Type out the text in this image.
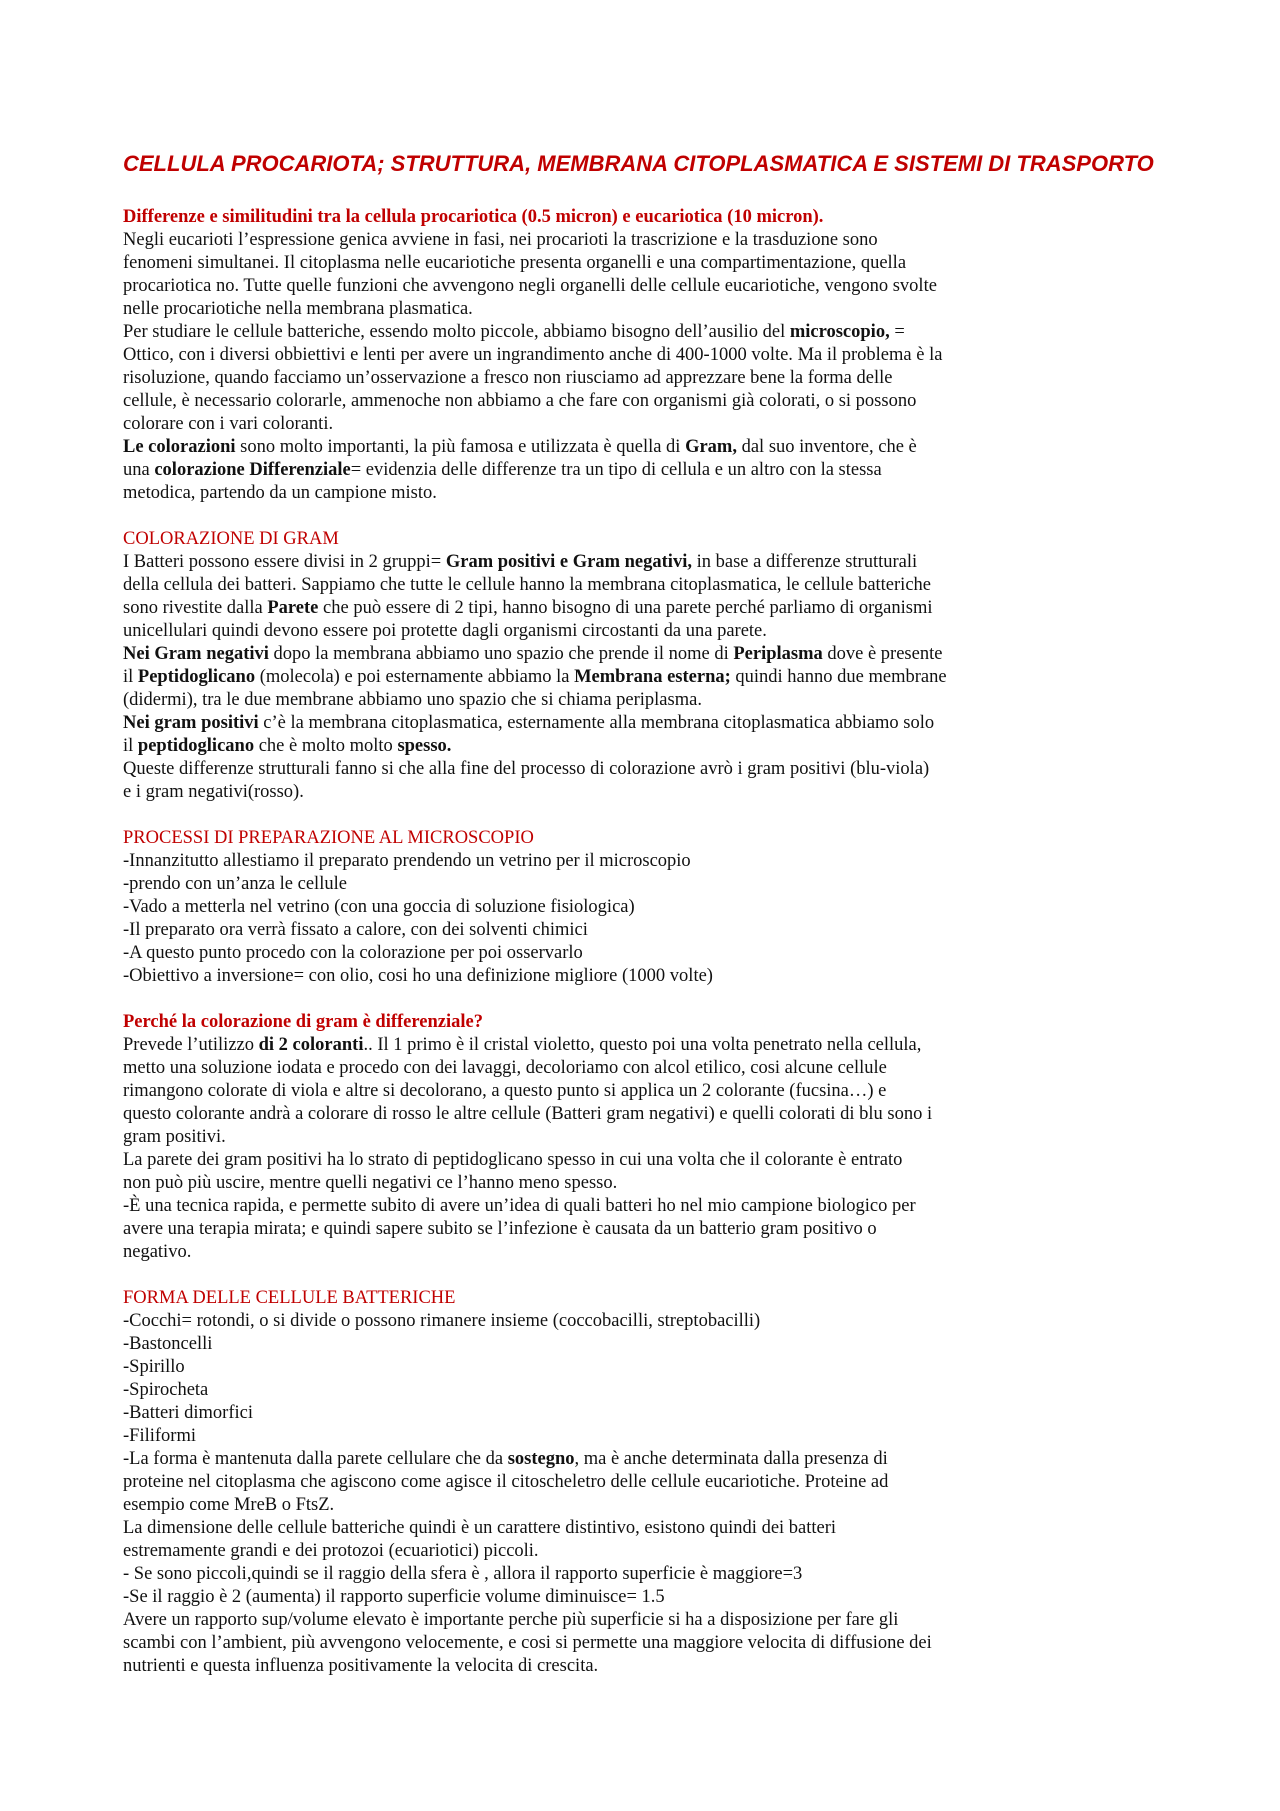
CELLULA PROCARIOTA; STRUTTURA, MEMBRANA CITOPLASMATICA E SISTEMI DI TRASPORTO

Differenze e similitudini tra la cellula procariotica (0.5 micron) e eucariotica (10 micron).

Negli eucarioti l’espressione genica avviene in fasi, nei procarioti la trascrizione e la trasduzione sono

fenomeni simultanei. Il citoplasma nelle eucariotiche presenta organelli e una compartimentazione, quella

procariotica no. Tutte quelle funzioni che avvengono negli organelli delle cellule eucariotiche, vengono svolte

nelle procariotiche nella membrana plasmatica.

Per studiare le cellule batteriche, essendo molto piccole, abbiamo bisogno dell’ausilio del microscopio, =

Ottico, con i diversi obbiettivi e lenti per avere un ingrandimento anche di 400-1000 volte. Ma il problema è la

risoluzione, quando facciamo un’osservazione a fresco non riusciamo ad apprezzare bene la forma delle

cellule, è necessario colorarle, ammenoche non abbiamo a che fare con organismi già colorati, o si possono

colorare con i vari coloranti.

Le colorazioni sono molto importanti, la più famosa e utilizzata è quella di Gram, dal suo inventore, che è

una colorazione Differenziale= evidenzia delle differenze tra un tipo di cellula e un altro con la stessa

metodica, partendo da un campione misto.

COLORAZIONE DI GRAM

I Batteri possono essere divisi in 2 gruppi= Gram positivi e Gram negativi, in base a differenze strutturali

della cellula dei batteri. Sappiamo che tutte le cellule hanno la membrana citoplasmatica, le cellule batteriche

sono rivestite dalla Parete che può essere di 2 tipi, hanno bisogno di una parete perché parliamo di organismi

unicellulari quindi devono essere poi protette dagli organismi circostanti da una parete.

Nei Gram negativi dopo la membrana abbiamo uno spazio che prende il nome di Periplasma dove è presente

il Peptidoglicano (molecola) e poi esternamente abbiamo la Membrana esterna; quindi hanno due membrane

(didermi), tra le due membrane abbiamo uno spazio che si chiama periplasma.

Nei gram positivi c’è la membrana citoplasmatica, esternamente alla membrana citoplasmatica abbiamo solo

il peptidoglicano che è molto molto spesso.

Queste differenze strutturali fanno si che alla fine del processo di colorazione avrò i gram positivi (blu-viola)

e i gram negativi(rosso).

PROCESSI DI PREPARAZIONE AL MICROSCOPIO

-Innanzitutto allestiamo il preparato prendendo un vetrino per il microscopio

-prendo con un’anza le cellule

-Vado a metterla nel vetrino (con una goccia di soluzione fisiologica)

-Il preparato ora verrà fissato a calore, con dei solventi chimici

-A questo punto procedo con la colorazione per poi osservarlo

-Obiettivo a inversione= con olio, cosi ho una definizione migliore (1000 volte)

Perché la colorazione di gram è differenziale?

Prevede l’utilizzo di 2 coloranti.. Il 1 primo è il cristal violetto, questo poi una volta penetrato nella cellula,

metto una soluzione iodata e procedo con dei lavaggi, decoloriamo con alcol etilico, cosi alcune cellule

rimangono colorate di viola e altre si decolorano, a questo punto si applica un 2 colorante (fucsina…) e

questo colorante andrà a colorare di rosso le altre cellule (Batteri gram negativi) e quelli colorati di blu sono i

gram positivi.

La parete dei gram positivi ha lo strato di peptidoglicano spesso in cui una volta che il colorante è entrato

non può più uscire, mentre quelli negativi ce l’hanno meno spesso.

-È una tecnica rapida, e permette subito di avere un’idea di quali batteri ho nel mio campione biologico per

avere una terapia mirata; e quindi sapere subito se l’infezione è causata da un batterio gram positivo o

negativo.

FORMA DELLE CELLULE BATTERICHE

-Cocchi= rotondi, o si divide o possono rimanere insieme (coccobacilli, streptobacilli)

-Bastoncelli

-Spirillo

-Spirocheta

-Batteri dimorfici

-Filiformi

-La forma è mantenuta dalla parete cellulare che da sostegno, ma è anche determinata dalla presenza di

proteine nel citoplasma che agiscono come agisce il citoscheletro delle cellule eucariotiche. Proteine ad

esempio come MreB o FtsZ.

La dimensione delle cellule batteriche quindi è un carattere distintivo, esistono quindi dei batteri

estremamente grandi e dei protozoi (ecuariotici) piccoli.

- Se sono piccoli,quindi se il raggio della sfera è , allora il rapporto superficie è maggiore=3

-Se il raggio è 2 (aumenta) il rapporto superficie volume diminuisce= 1.5

Avere un rapporto sup/volume elevato è importante perche più superficie si ha a disposizione per fare gli

scambi con l’ambient, più avvengono velocemente, e cosi si permette una maggiore velocita di diffusione dei

nutrienti e questa influenza positivamente la velocita di crescita.
